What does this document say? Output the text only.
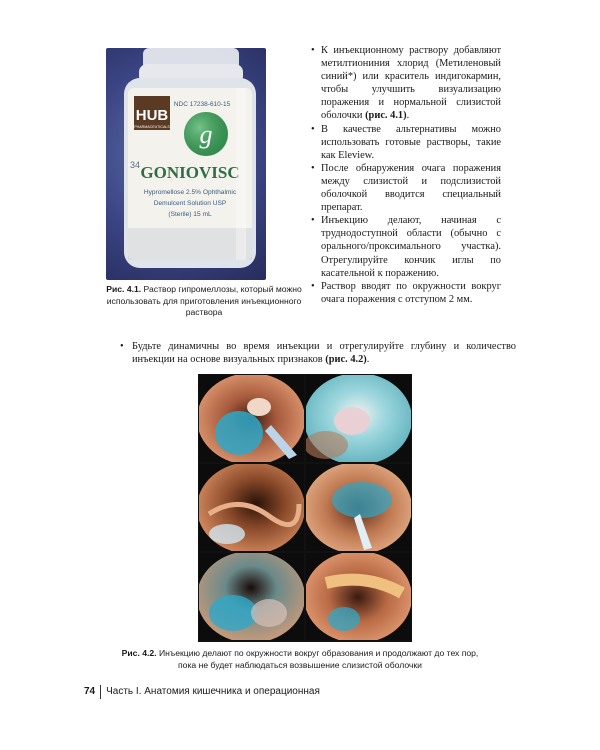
HUB
PHARMACEUTICALS
NDC 17238-610-15
g
GONIOVISC
Hypromellose 2.5% Ophthalmic
Demulcent Solution USP
(Sterile) 15 mL
34
Рис. 4.1. Раствор гипромеллозы, который можно использовать для приготовления инъекционного раствора
• К инъекционному раствору добавляют метилтиониния хлорид (Метиленовый синий*) или краситель индигокармин, чтобы улучшить визуализацию поражения и нормальной слизистой оболочки (рис. 4.1).
• В качестве альтернативы можно использовать готовые растворы, такие как Eleview.
• После обнаружения очага поражения между слизистой и подслизистой оболочкой вводится специальный препарат.
• Инъекцию делают, начиная с труднодоступной области (обычно с орального/проксимального участка). Отрегулируйте кончик иглы по касательной к поражению.
• Раствор вводят по окружности вокруг очага поражения с отступом 2 мм.
• Будьте динамичны во время инъекции и отрегулируйте глубину и количество инъекции на основе визуальных признаков (рис. 4.2).
Рис. 4.2. Инъекцию делают по окружности вокруг образования и продолжают до тех пор,
пока не будет наблюдаться возвышение слизистой оболочки
74	Часть I. Анатомия кишечника и операционная
